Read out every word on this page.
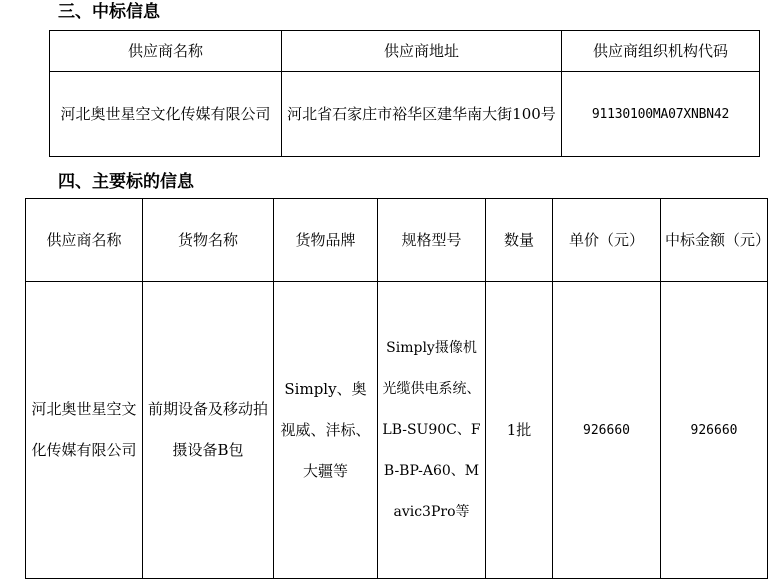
三、中标信息
供应商名称	供应商地址	供应商组织机构代码
河北奥世星空文化传媒有限公司	河北省石家庄市裕华区建华南大街100号	91130100MA07XNBN42
四、主要标的信息
供应商名称	货物名称	货物品牌	规格型号	数量	单价（元）	中标金额（元）
河北奥世星空文化传媒有限公司	前期设备及移动拍摄设备B包	Simply、奥视威、沣标、大疆等	Simply摄像机光缆供电系统、LB-SU90C、FB-BP-A60、Mavic3Pro等	1批	926660	926660
